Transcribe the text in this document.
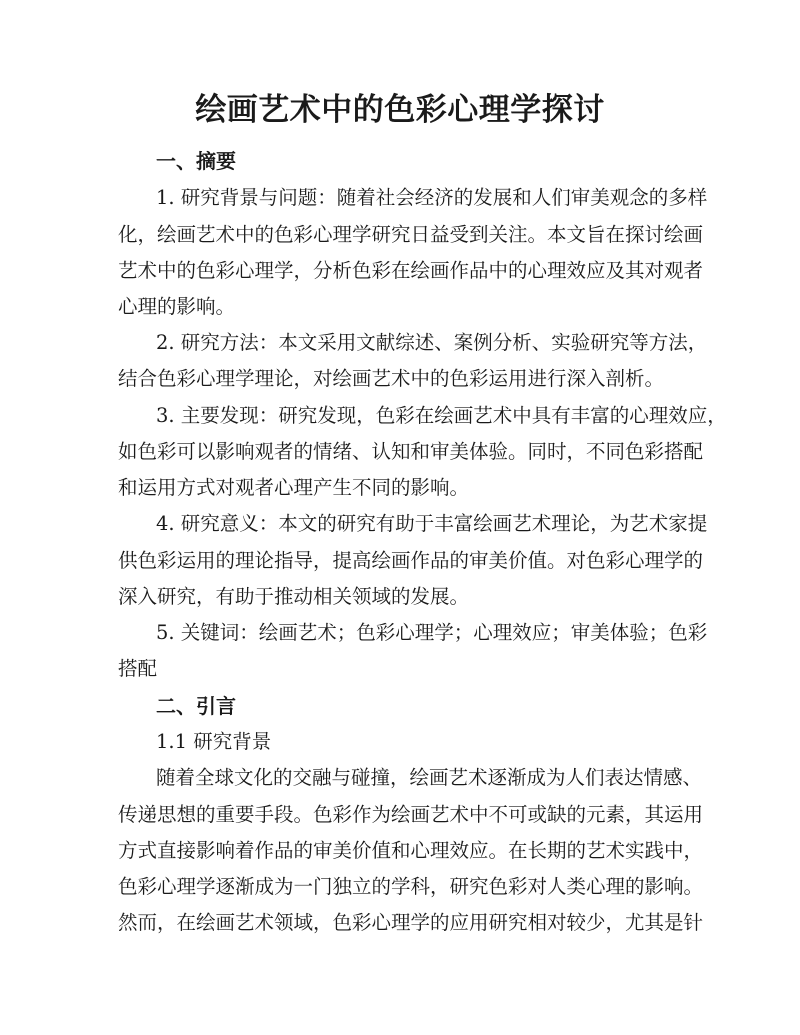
绘画艺术中的色彩心理学探讨
一、摘要
1. 研究背景与问题：随着社会经济的发展和人们审美观念的多样
化，绘画艺术中的色彩心理学研究日益受到关注。本文旨在探讨绘画
艺术中的色彩心理学，分析色彩在绘画作品中的心理效应及其对观者
心理的影响。
2. 研究方法：本文采用文献综述、案例分析、实验研究等方法，
结合色彩心理学理论，对绘画艺术中的色彩运用进行深入剖析。
3. 主要发现：研究发现，色彩在绘画艺术中具有丰富的心理效应，
如色彩可以影响观者的情绪、认知和审美体验。同时，不同色彩搭配
和运用方式对观者心理产生不同的影响。
4. 研究意义：本文的研究有助于丰富绘画艺术理论，为艺术家提
供色彩运用的理论指导，提高绘画作品的审美价值。对色彩心理学的
深入研究，有助于推动相关领域的发展。
5. 关键词：绘画艺术；色彩心理学；心理效应；审美体验；色彩
搭配
二、引言
1.1 研究背景
随着全球文化的交融与碰撞，绘画艺术逐渐成为人们表达情感、
传递思想的重要手段。色彩作为绘画艺术中不可或缺的元素，其运用
方式直接影响着作品的审美价值和心理效应。在长期的艺术实践中，
色彩心理学逐渐成为一门独立的学科，研究色彩对人类心理的影响。
然而，在绘画艺术领域，色彩心理学的应用研究相对较少，尤其是针
